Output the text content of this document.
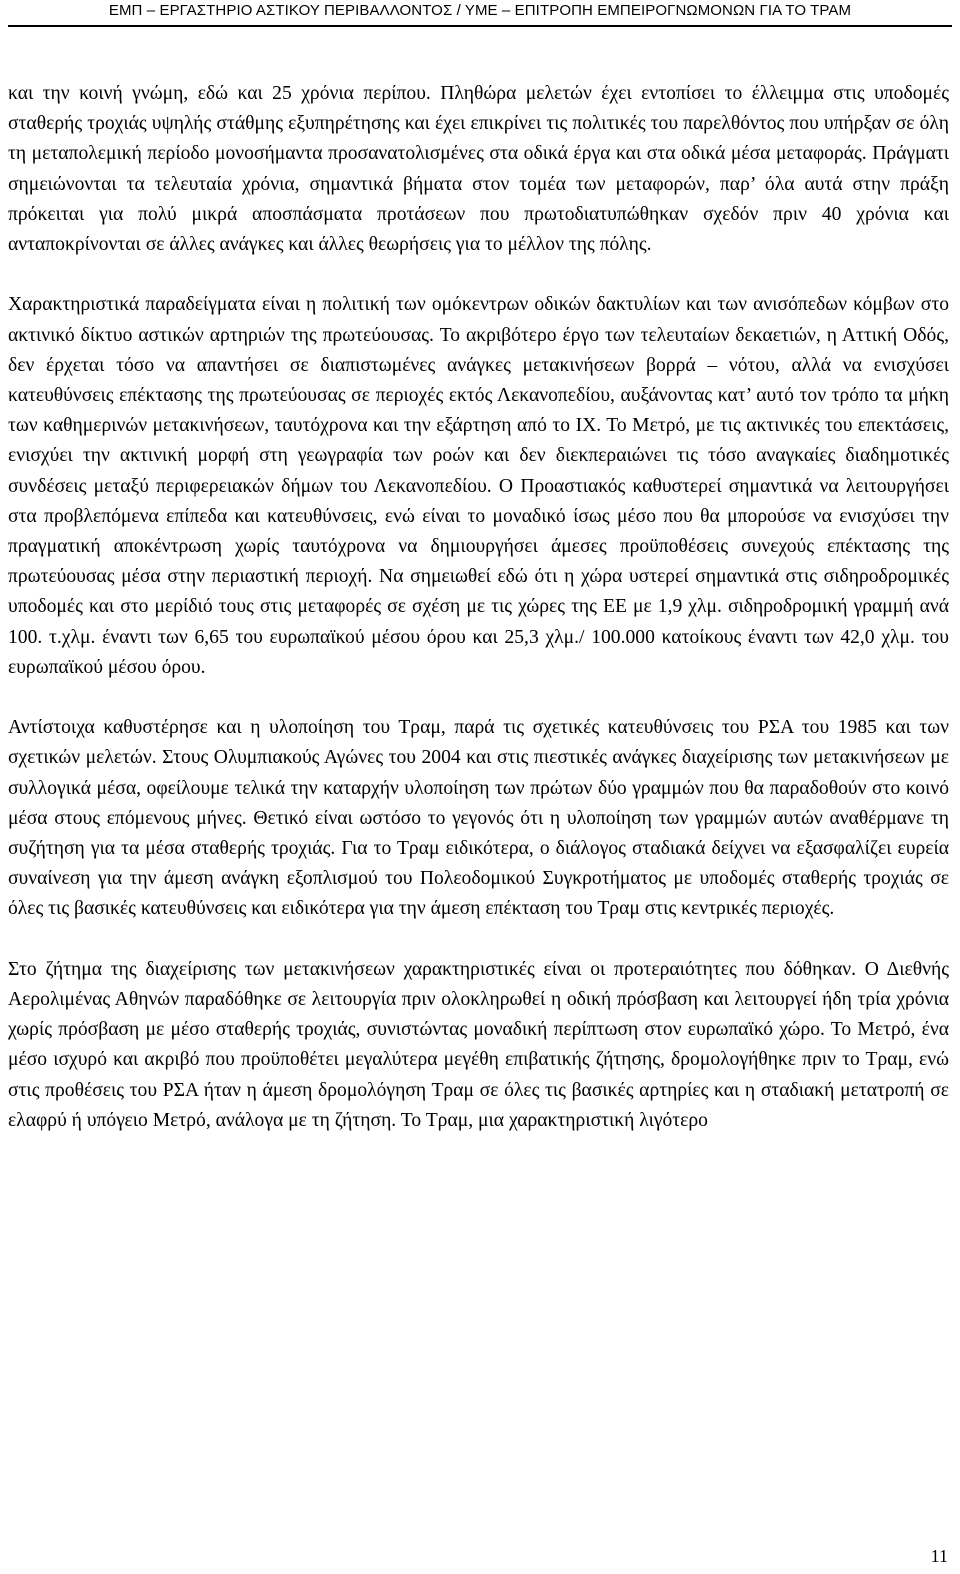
ΕΜΠ – ΕΡΓΑΣΤΗΡΙΟ ΑΣΤΙΚΟΥ ΠΕΡΙΒΑΛΛΟΝΤΟΣ / ΥΜΕ – ΕΠΙΤΡΟΠΗ ΕΜΠΕΙΡΟΓΝΩΜΟΝΩΝ ΓΙΑ ΤΟ ΤΡΑΜ

και την κοινή γνώμη, εδώ και 25 χρόνια περίπου. Πληθώρα μελετών έχει εντοπίσει το έλλειμμα στις υποδομές σταθερής τροχιάς υψηλής στάθμης εξυπηρέτησης και έχει επικρίνει τις πολιτικές του παρελθόντος που υπήρξαν σε όλη τη μεταπολεμική περίοδο μονοσήμαντα προσανατολισμένες στα οδικά έργα και στα οδικά μέσα μεταφοράς. Πράγματι σημειώνονται τα τελευταία χρόνια, σημαντικά βήματα στον τομέα των μεταφορών, παρ’ όλα αυτά στην πράξη πρόκειται για πολύ μικρά αποσπάσματα προτάσεων που πρωτοδιατυπώθηκαν σχεδόν πριν 40 χρόνια και ανταποκρίνονται σε άλλες ανάγκες και άλλες θεωρήσεις για το μέλλον της πόλης.

Χαρακτηριστικά παραδείγματα είναι η πολιτική των ομόκεντρων οδικών δακτυλίων και των ανισόπεδων κόμβων στο ακτινικό δίκτυο αστικών αρτηριών της πρωτεύουσας. Το ακριβότερο έργο των τελευταίων δεκαετιών, η Αττική Οδός, δεν έρχεται τόσο να απαντήσει σε διαπιστωμένες ανάγκες μετακινήσεων βορρά – νότου, αλλά να ενισχύσει κατευθύνσεις επέκτασης της πρωτεύουσας σε περιοχές εκτός Λεκανοπεδίου, αυξάνοντας κατ’ αυτό τον τρόπο τα μήκη των καθημερινών μετακινήσεων, ταυτόχρονα και την εξάρτηση από το ΙΧ. Το Μετρό, με τις ακτινικές του επεκτάσεις, ενισχύει την ακτινική μορφή στη γεωγραφία των ροών και δεν διεκπεραιώνει τις τόσο αναγκαίες διαδημοτικές συνδέσεις μεταξύ περιφερειακών δήμων του Λεκανοπεδίου. Ο Προαστιακός καθυστερεί σημαντικά να λειτουργήσει στα προβλεπόμενα επίπεδα και κατευθύνσεις, ενώ είναι το μοναδικό ίσως μέσο που θα μπορούσε να ενισχύσει την πραγματική αποκέντρωση χωρίς ταυτόχρονα να δημιουργήσει άμεσες προϋποθέσεις συνεχούς επέκτασης της πρωτεύουσας μέσα στην περιαστική περιοχή. Να σημειωθεί εδώ ότι η χώρα υστερεί σημαντικά στις σιδηροδρομικές υποδομές και στο μερίδιό τους στις μεταφορές σε σχέση με τις χώρες της ΕΕ με 1,9 χλμ. σιδηροδρομική γραμμή ανά 100. τ.χλμ. έναντι των 6,65 του ευρωπαϊκού μέσου όρου και 25,3 χλμ./ 100.000 κατοίκους έναντι των 42,0 χλμ. του ευρωπαϊκού μέσου όρου.

Αντίστοιχα καθυστέρησε και η υλοποίηση του Τραμ, παρά τις σχετικές κατευθύνσεις του ΡΣΑ του 1985 και των σχετικών μελετών. Στους Ολυμπιακούς Αγώνες του 2004 και στις πιεστικές ανάγκες διαχείρισης των μετακινήσεων με συλλογικά μέσα, οφείλουμε τελικά την καταρχήν υλοποίηση των πρώτων δύο γραμμών που θα παραδοθούν στο κοινό μέσα στους επόμενους μήνες. Θετικό είναι ωστόσο το γεγονός ότι η υλοποίηση των γραμμών αυτών αναθέρμανε τη συζήτηση για τα μέσα σταθερής τροχιάς. Για το Τραμ ειδικότερα, ο διάλογος σταδιακά δείχνει να εξασφαλίζει ευρεία συναίνεση για την άμεση ανάγκη εξοπλισμού του Πολεοδομικού Συγκροτήματος με υποδομές σταθερής τροχιάς σε όλες τις βασικές κατευθύνσεις και ειδικότερα για την άμεση επέκταση του Τραμ στις κεντρικές περιοχές.

Στο ζήτημα της διαχείρισης των μετακινήσεων χαρακτηριστικές είναι οι προτεραιότητες που δόθηκαν. Ο Διεθνής Αερολιμένας Αθηνών παραδόθηκε σε λειτουργία πριν ολοκληρωθεί η οδική πρόσβαση και λειτουργεί ήδη τρία χρόνια χωρίς πρόσβαση με μέσο σταθερής τροχιάς, συνιστώντας μοναδική περίπτωση στον ευρωπαϊκό χώρο. Το Μετρό, ένα μέσο ισχυρό και ακριβό που προϋποθέτει μεγαλύτερα μεγέθη επιβατικής ζήτησης, δρομολογήθηκε πριν το Τραμ, ενώ στις προθέσεις του ΡΣΑ ήταν η άμεση δρομολόγηση Τραμ σε όλες τις βασικές αρτηρίες και η σταδιακή μετατροπή σε ελαφρύ ή υπόγειο Μετρό, ανάλογα με τη ζήτηση. Το Τραμ, μια χαρακτηριστική λιγότερο

11
